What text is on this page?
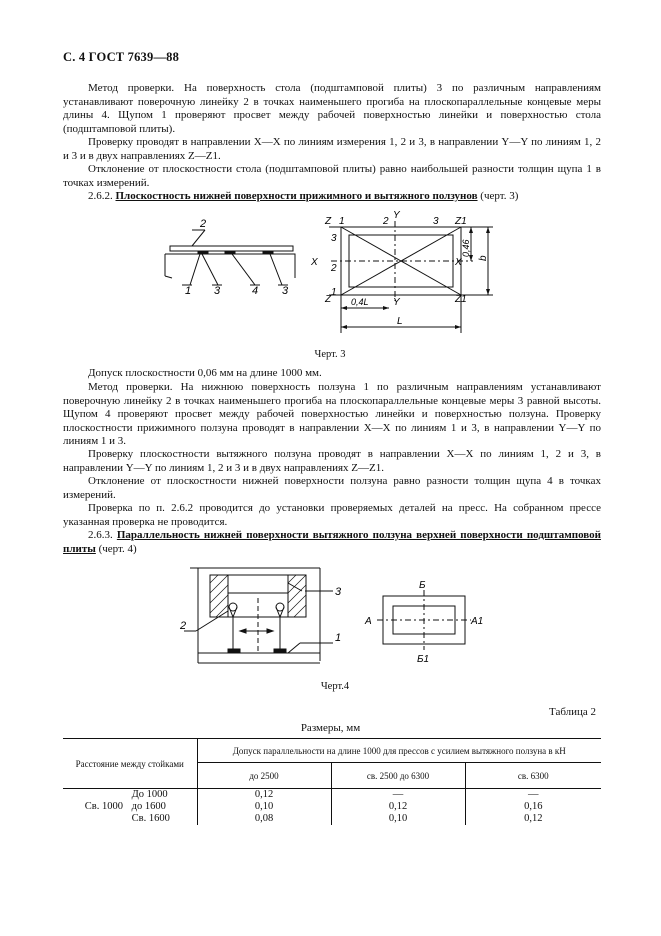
С. 4 ГОСТ 7639—88

Метод проверки. На поверхность стола (подштамповой плиты) 3 по различным направлениям устанавливают поверочную линейку 2 в точках наименьшего прогиба на плоскопараллельные концевые меры длины 4. Щупом 1 проверяют просвет между рабочей поверхностью линейки и поверхностью стола (подштамповой плиты).

Проверку проводят в направлении X—X по линиям измерения 1, 2 и 3, в направлении Y—Y по линиям 1, 2 и 3 и в двух направлениях Z—Z1.

Отклонение от плоскостности стола (подштамповой плиты) равно наибольшей разности толщин щупа 1 в точках измерений.

2.6.2. Плоскостность нижней поверхности прижимного и вытяжного ползунов (черт. 3)

2
1 3	4 3
Z	Z1
Z	Z1
Y
Y
X	X
1	2	3
3
2
1
0,46
b
0,4L
L
Черт. 3

Допуск плоскостности 0,06 мм на длине 1000 мм.

Метод проверки. На нижнюю поверхность ползуна 1 по различным направлениям устанавливают поверочную линейку 2 в точках наименьшего прогиба на плоскопараллельные концевые меры 3 равной высоты. Щупом 4 проверяют просвет между рабочей поверхностью линейки и поверхностью ползуна. Проверку плоскостности прижимного ползуна проводят в направлении X—X по линиям 1 и 3, в направлении Y—Y по линиям 1 и 3.

Проверку плоскостности вытяжного ползуна проводят в направлении X—X по линиям 1, 2 и 3, в направлении Y—Y по линиям 1, 2 и 3 и в двух направлениях Z—Z1.

Отклонение от плоскостности нижней поверхности ползуна равно разности толщин щупа 4 в точках измерений.

Проверка по п. 2.6.2 проводится до установки проверяемых деталей на пресс. На собранном прессе указанная проверка не проводится.

2.6.3. Параллельность нижней поверхности вытяжного ползуна верхней поверхности подштамповой плиты (черт. 4)

3
2
1
Б
Б1
А	А1
Черт.4
Таблица 2
Размеры, мм
Расстояние между стойками	Допуск параллельности на длине 1000 для прессов с усилием вытяжного ползуна в кН		
	до 2500	св. 2500 до 6300	св. 6300
До 1000	0,12	—	—
Св. 1000 до 1600	0,10	0,12	0,16
Св. 1600	0,08	0,10	0,12
